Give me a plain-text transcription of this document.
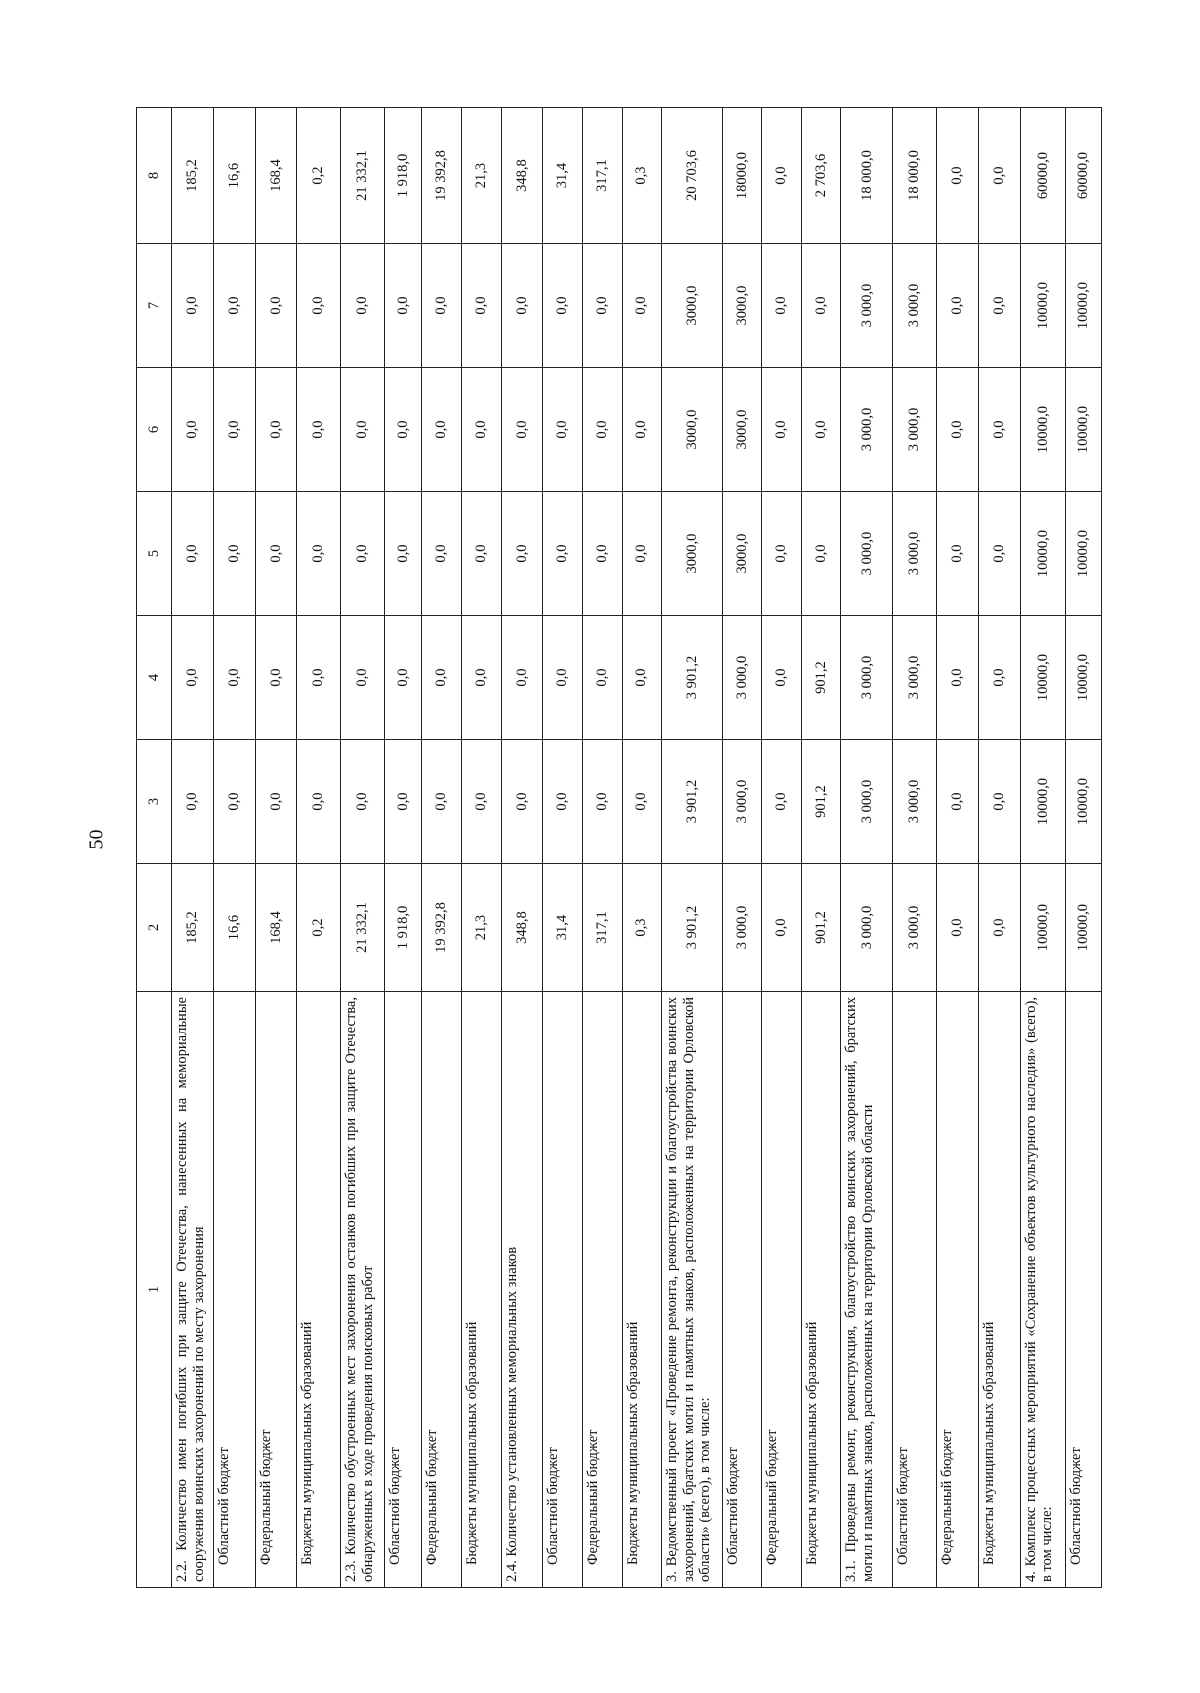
50
1	2	3	4	5	6	7	8
2.2. Количество имен погибших при защите Отечества, нанесенных на мемориальные сооружения воинских захоронений по месту захоронения	185,2	0,0	0,0	0,0	0,0	0,0	185,2
Областной бюджет	16,6	0,0	0,0	0,0	0,0	0,0	16,6
Федеральный бюджет	168,4	0,0	0,0	0,0	0,0	0,0	168,4
Бюджеты муниципальных образований	0,2	0,0	0,0	0,0	0,0	0,0	0,2
2.3. Количество обустроенных мест захоронения останков погибших при защите Отечества, обнаруженных в ходе проведения поисковых работ	21 332,1	0,0	0,0	0,0	0,0	0,0	21 332,1
Областной бюджет	1 918,0	0,0	0,0	0,0	0,0	0,0	1 918,0
Федеральный бюджет	19 392,8	0,0	0,0	0,0	0,0	0,0	19 392,8
Бюджеты муниципальных образований	21,3	0,0	0,0	0,0	0,0	0,0	21,3
2.4. Количество установленных мемориальных знаков	348,8	0,0	0,0	0,0	0,0	0,0	348,8
Областной бюджет	31,4	0,0	0,0	0,0	0,0	0,0	31,4
Федеральный бюджет	317,1	0,0	0,0	0,0	0,0	0,0	317,1
Бюджеты муниципальных образований	0,3	0,0	0,0	0,0	0,0	0,0	0,3
3. Ведомственный проект «Проведение ремонта, реконструкции и благоустройства воинских захоронений, братских могил и памятных знаков, расположенных на территории Орловской области» (всего), в том числе:	3 901,2	3 901,2	3 901,2	3000,0	3000,0	3000,0	20 703,6
Областной бюджет	3 000,0	3 000,0	3 000,0	3000,0	3000,0	3000,0	18000,0
Федеральный бюджет	0,0	0,0	0,0	0,0	0,0	0,0	0,0
Бюджеты муниципальных образований	901,2	901,2	901,2	0,0	0,0	0,0	2 703,6
3.1. Проведены ремонт, реконструкция, благоустройство воинских захоронений, братских могил и памятных знаков, расположенных на территории Орловской области	3 000,0	3 000,0	3 000,0	3 000,0	3 000,0	3 000,0	18 000,0
Областной бюджет	3 000,0	3 000,0	3 000,0	3 000,0	3 000,0	3 000,0	18 000,0
Федеральный бюджет	0,0	0,0	0,0	0,0	0,0	0,0	0,0
Бюджеты муниципальных образований	0,0	0,0	0,0	0,0	0,0	0,0	0,0
4. Комплекс процессных мероприятий «Сохранение объектов культурного наследия» (всего), в том числе:	10000,0	10000,0	10000,0	10000,0	10000,0	10000,0	60000,0
Областной бюджет	10000,0	10000,0	10000,0	10000,0	10000,0	10000,0	60000,0
